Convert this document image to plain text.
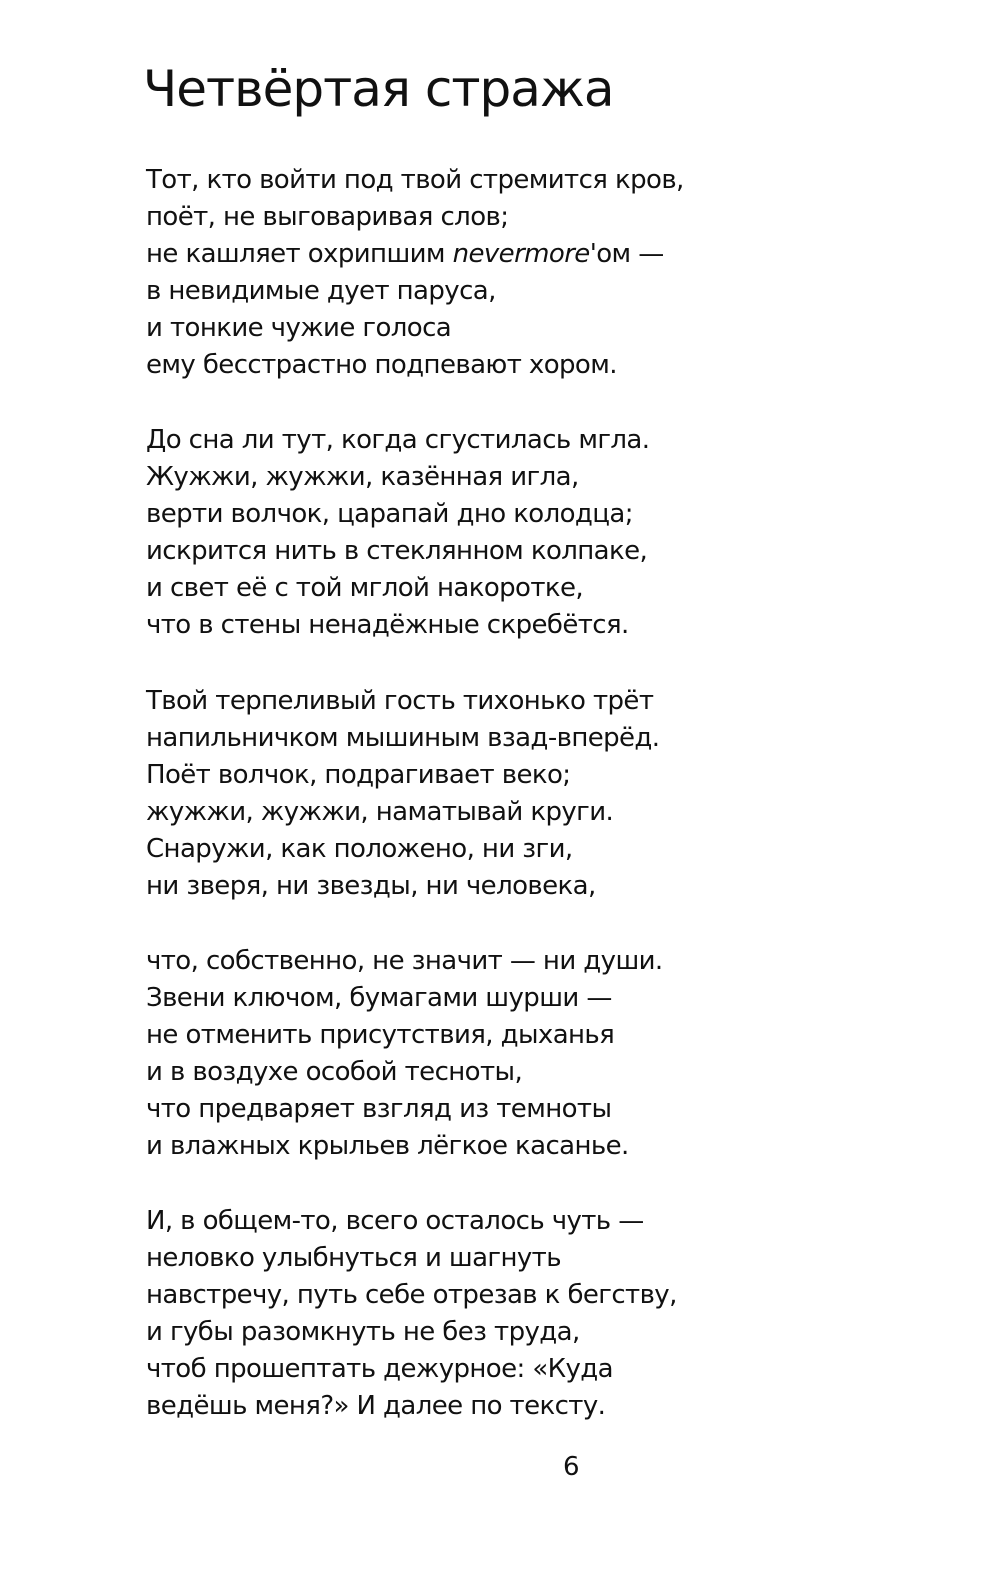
Четвёртая стража
Тот, кто войти под твой стремится кров,
поёт, не выговаривая слов;
не кашляет охрипшим nevermore'ом —
в невидимые дует паруса,
и тонкие чужие голоса
ему бесстрастно подпевают хором.
До сна ли тут, когда сгустилась мгла.
Жужжи, жужжи, казённая игла,
верти волчок, царапай дно колодца;
искрится нить в стеклянном колпаке,
и свет её с той мглой накоротке,
что в стены ненадёжные скребётся.
Твой терпеливый гость тихонько трёт
напильничком мышиным взад-вперёд.
Поёт волчок, подрагивает веко;
жужжи, жужжи, наматывай круги.
Снаружи, как положено, ни зги,
ни зверя, ни звезды, ни человека,
что, собственно, не значит — ни души.
Звени ключом, бумагами шурши —
не отменить присутствия, дыханья
и в воздухе особой тесноты,
что предваряет взгляд из темноты
и влажных крыльев лёгкое касанье.
И, в общем-то, всего осталось чуть —
неловко улыбнуться и шагнуть
навстречу, путь себе отрезав к бегству,
и губы разомкнуть не без труда,
чтоб прошептать дежурное: «Куда
ведёшь меня?» И далее по тексту.
6
